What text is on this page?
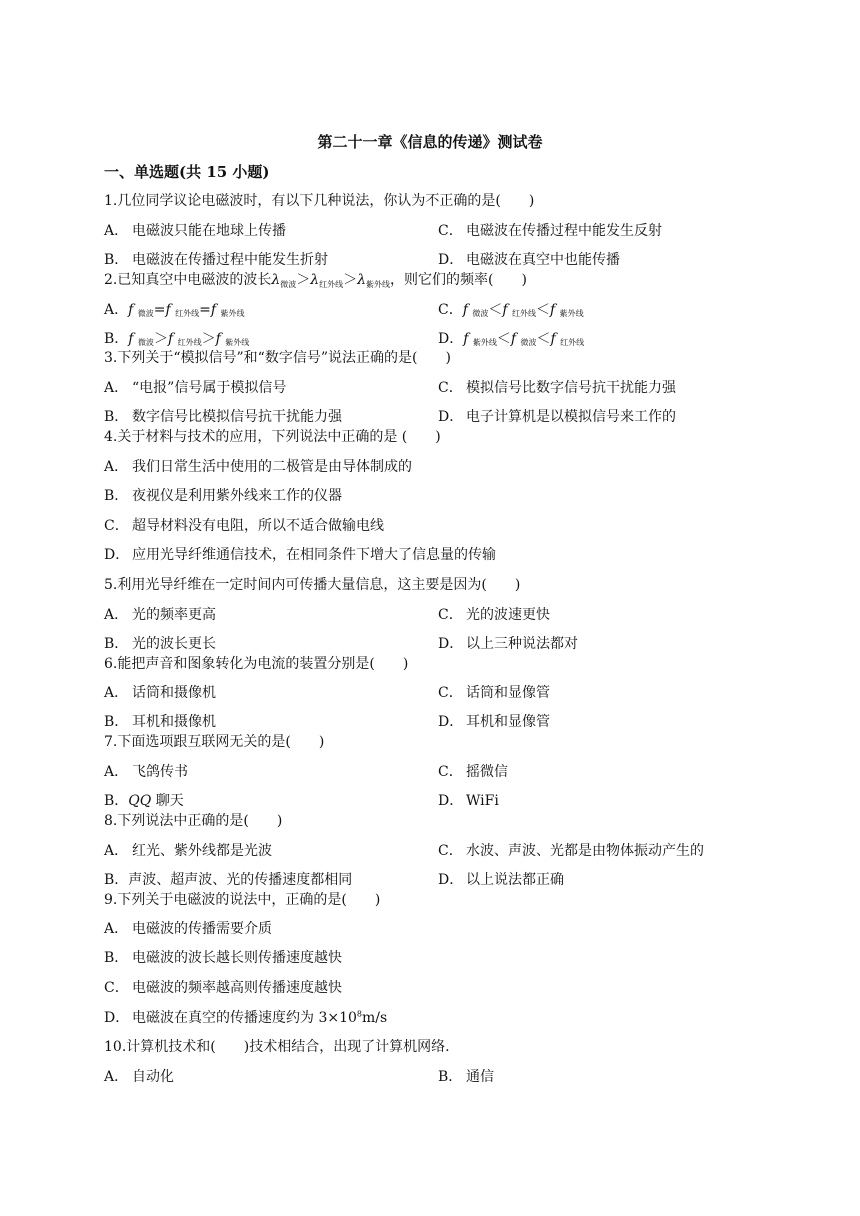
第二十一章《信息的传递》测试卷
一、单选题(共 15 小题)
1.几位同学议论电磁波时，有以下几种说法，你认为不正确的是(　　)
A． 电磁波只能在地球上传播	C． 电磁波在传播过程中能发生反射
B． 电磁波在传播过程中能发生折射	D． 电磁波在真空中也能传播
2.已知真空中电磁波的波长$\lambda_{微波}>\lambda_{红外线}>\lambda_{紫外线}$，则它们的频率(　　)
A．f 微波=f 红外线=f 紫外线	C．f 微波＜f 红外线＜f 紫外线
B．f 微波＞f 红外线＞f 紫外线	D．f 紫外线＜f 微波＜f 红外线
3.下列关于“模拟信号”和“数字信号”说法正确的是(　　)
A． “电报”信号属于模拟信号	C． 模拟信号比数字信号抗干扰能力强
B． 数字信号比模拟信号抗干扰能力强	D． 电子计算机是以模拟信号来工作的
4.关于材料与技术的应用，下列说法中正确的是 (　　)
A． 我们日常生活中使用的二极管是由导体制成的
B． 夜视仪是利用紫外线来工作的仪器
C． 超导材料没有电阻，所以不适合做输电线
D． 应用光导纤维通信技术，在相同条件下增大了信息量的传输
5.利用光导纤维在一定时间内可传播大量信息，这主要是因为(　　)
A． 光的频率更高	C． 光的波速更快
B． 光的波长更长	D． 以上三种说法都对
6.能把声音和图象转化为电流的装置分别是(　　)
A． 话筒和摄像机	C． 话筒和显像管
B． 耳机和摄像机	D． 耳机和显像管
7.下面选项跟互联网无关的是(　　)
A． 飞鸽传书	C． 摇微信
B．QQ 聊天	D． WiFi
8.下列说法中正确的是(　　)
A． 红光、紫外线都是光波	C． 水波、声波、光都是由物体振动产生的
B．声波、超声波、光的传播速度都相同	D． 以上说法都正确
9.下列关于电磁波的说法中，正确的是(　　)
A． 电磁波的传播需要介质
B． 电磁波的波长越长则传播速度越快
C． 电磁波的频率越高则传播速度越快
D． 电磁波在真空的传播速度约为 $3\times 10^8m/s$
10.计算机技术和(　　)技术相结合，出现了计算机网络.
A． 自动化	B． 通信
